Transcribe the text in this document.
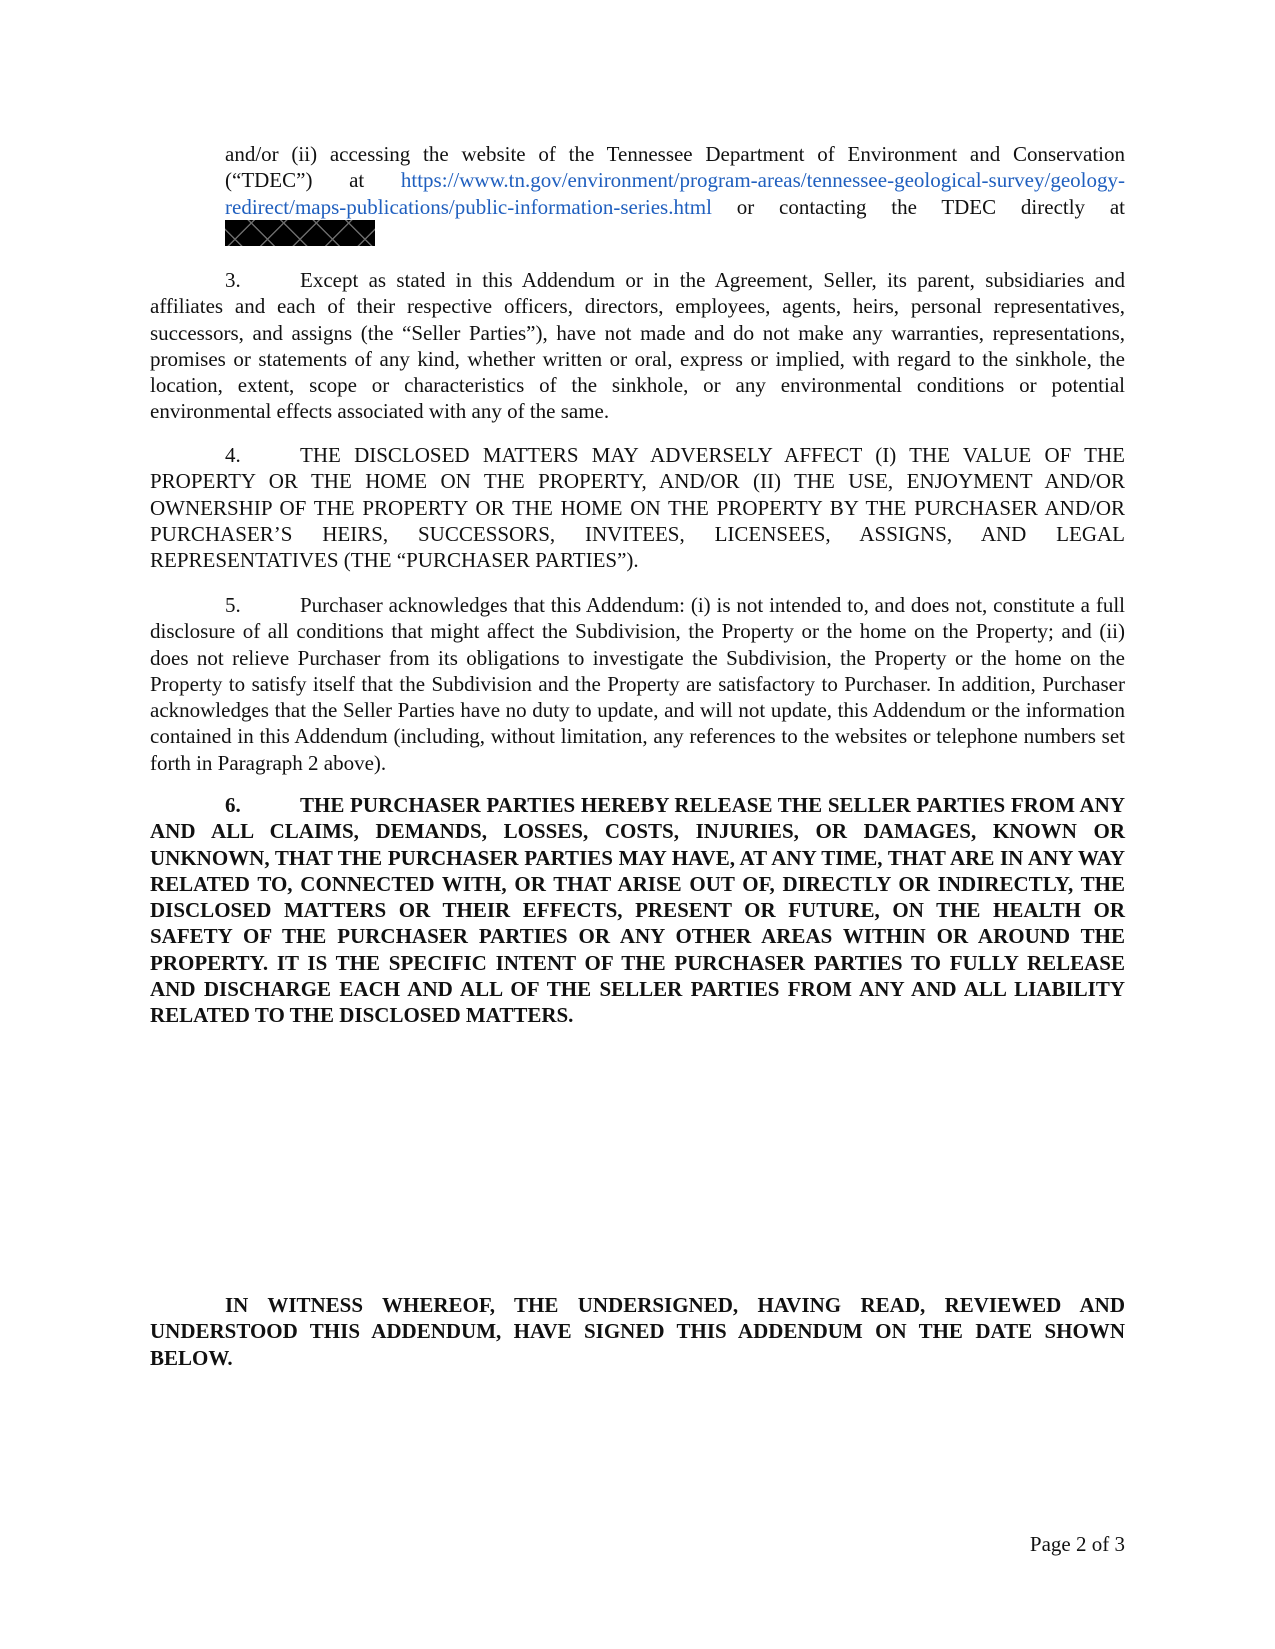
and/or (ii) accessing the website of the Tennessee Department of Environment and Conservation (“TDEC”) at https://www.tn.gov/environment/program-areas/tennessee-geological-survey/geology-redirect/maps-publications/public-information-series.html or contacting the TDEC directly at

3.	Except as stated in this Addendum or in the Agreement, Seller, its parent, subsidiaries and affiliates and each of their respective officers, directors, employees, agents, heirs, personal representatives, successors, and assigns (the “Seller Parties”), have not made and do not make any warranties, representations, promises or statements of any kind, whether written or oral, express or implied, with regard to the sinkhole, the location, extent, scope or characteristics of the sinkhole, or any environmental conditions or potential environmental effects associated with any of the same.

4.	THE DISCLOSED MATTERS MAY ADVERSELY AFFECT (I) THE VALUE OF THE PROPERTY OR THE HOME ON THE PROPERTY, AND/OR (II) THE USE, ENJOYMENT AND/OR OWNERSHIP OF THE PROPERTY OR THE HOME ON THE PROPERTY BY THE PURCHASER AND/OR PURCHASER’S HEIRS, SUCCESSORS, INVITEES, LICENSEES, ASSIGNS, AND LEGAL REPRESENTATIVES (THE “PURCHASER PARTIES”).

5.	Purchaser acknowledges that this Addendum: (i) is not intended to, and does not, constitute a full disclosure of all conditions that might affect the Subdivision, the Property or the home on the Property; and (ii) does not relieve Purchaser from its obligations to investigate the Subdivision, the Property or the home on the Property to satisfy itself that the Subdivision and the Property are satisfactory to Purchaser. In addition, Purchaser acknowledges that the Seller Parties have no duty to update, and will not update, this Addendum or the information contained in this Addendum (including, without limitation, any references to the websites or telephone numbers set forth in Paragraph 2 above).

6.	THE PURCHASER PARTIES HEREBY RELEASE THE SELLER PARTIES FROM ANY AND ALL CLAIMS, DEMANDS, LOSSES, COSTS, INJURIES, OR DAMAGES, KNOWN OR UNKNOWN, THAT THE PURCHASER PARTIES MAY HAVE, AT ANY TIME, THAT ARE IN ANY WAY RELATED TO, CONNECTED WITH, OR THAT ARISE OUT OF, DIRECTLY OR INDIRECTLY, THE DISCLOSED MATTERS OR THEIR EFFECTS, PRESENT OR FUTURE, ON THE HEALTH OR SAFETY OF THE PURCHASER PARTIES OR ANY OTHER AREAS WITHIN OR AROUND THE PROPERTY. IT IS THE SPECIFIC INTENT OF THE PURCHASER PARTIES TO FULLY RELEASE AND DISCHARGE EACH AND ALL OF THE SELLER PARTIES FROM ANY AND ALL LIABILITY RELATED TO THE DISCLOSED MATTERS.

IN WITNESS WHEREOF, THE UNDERSIGNED, HAVING READ, REVIEWED AND UNDERSTOOD THIS ADDENDUM, HAVE SIGNED THIS ADDENDUM ON THE DATE SHOWN BELOW.

Page 2 of 3
